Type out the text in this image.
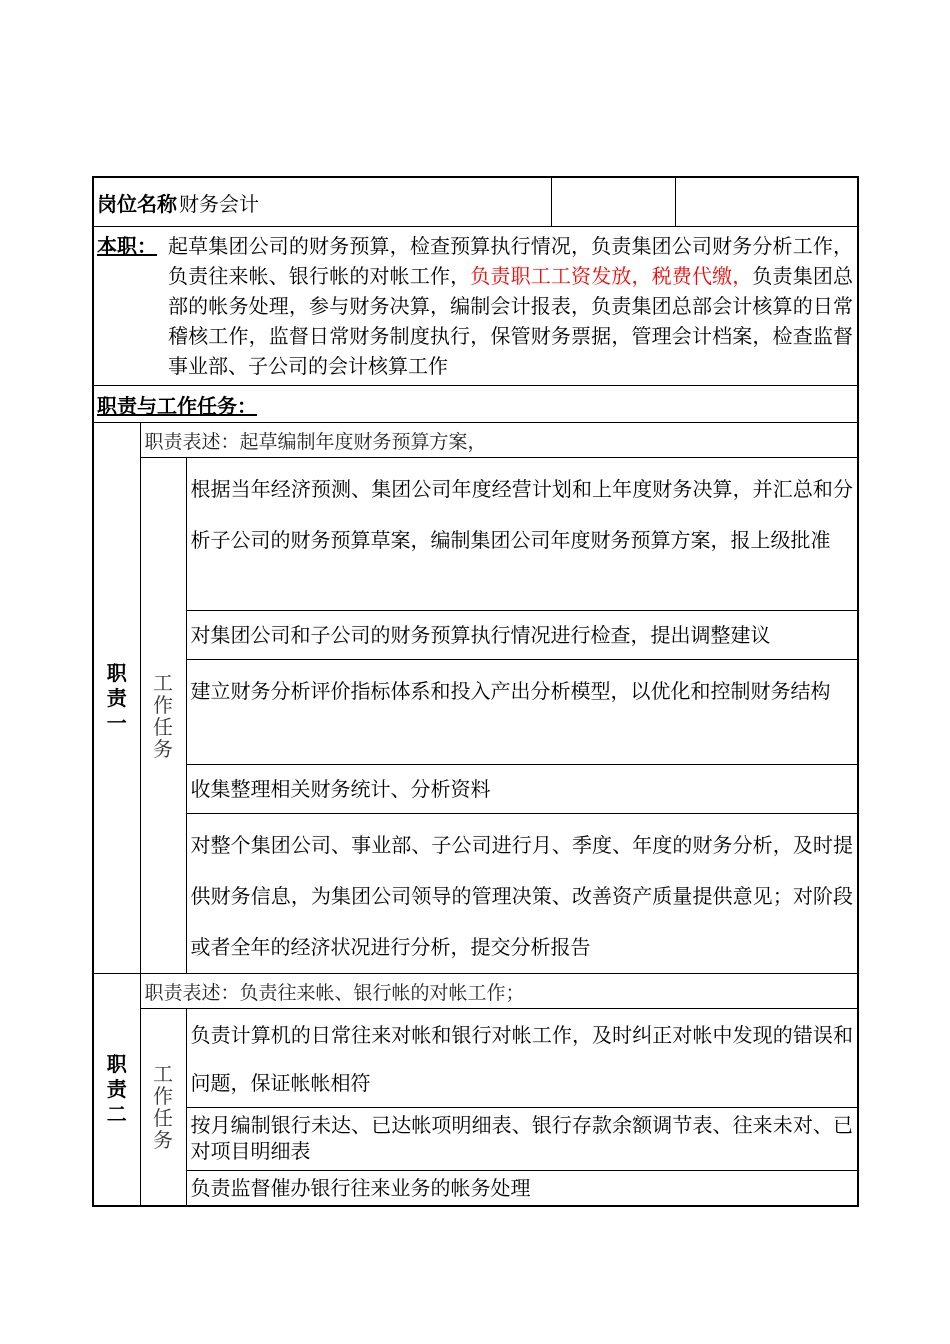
岗位名称 财务会计				

本职： 起草集团公司的财务预算，检查预算执行情况，负责集团公司财务分析工作，负责往来帐、银行帐的对帐工作，负责职工工资发放，税费代缴，负责集团总部的帐务处理，参与财务决算，编制会计报表，负责集团总部会计核算的日常稽核工作，监督日常财务制度执行，保管财务票据，管理会计档案，检查监督事业部、子公司的会计核算工作				

职责与工作任务：				

职责一	职责表述：起草编制年度财务预算方案，			

	工作任务	根据当年经济预测、集团公司年度经营计划和上年度财务决算，并汇总和分析子公司的财务预算草案，编制集团公司年度财务预算方案，报上级批准		
		对集团公司和子公司的财务预算执行情况进行检查，提出调整建议		
		建立财务分析评价指标体系和投入产出分析模型，以优化和控制财务结构		
		收集整理相关财务统计、分析资料		
		对整个集团公司、事业部、子公司进行月、季度、年度的财务分析，及时提供财务信息，为集团公司领导的管理决策、改善资产质量提供意见；对阶段或者全年的经济状况进行分析，提交分析报告		

职责二	职责表述：负责往来帐、银行帐的对帐工作；			

	工作任务	负责计算机的日常往来对帐和银行对帐工作，及时纠正对帐中发现的错误和问题，保证帐帐相符		
		按月编制银行未达、已达帐项明细表、银行存款余额调节表、往来未对、已对项目明细表		
		负责监督催办银行往来业务的帐务处理		
